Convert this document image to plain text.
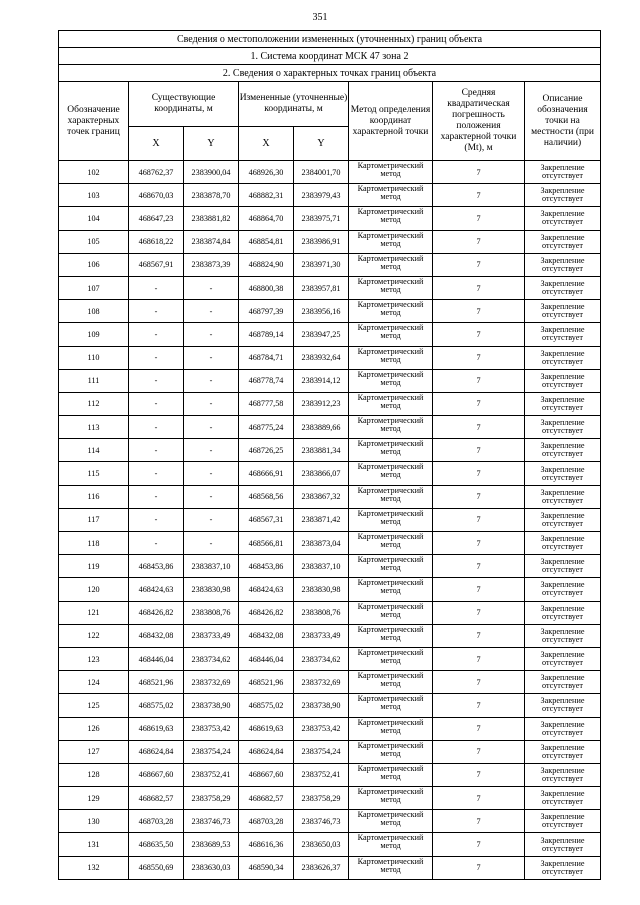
351
Сведения о местоположении измененных (уточненных) границ объекта							
1. Система координат МСК 47 зона 2							
2. Сведения о характерных точках границ объекта							
Обозначение характерных точек границ	Существующие координаты, м		Измененные (уточненные) координаты, м		Метод определения координат характерной точки	Средняя квадратическая погрешность положения характерной точки (Mt), м	Описание обозначения точки на местности (при наличии)
	X	Y	X	Y			
102	468762,37	2383900,04	468926,30	2384001,70	Картометрический метод	7	Закрепление отсутствует
103	468670,03	2383878,70	468882,31	2383979,43	Картометрический метод	7	Закрепление отсутствует
104	468647,23	2383881,82	468864,70	2383975,71	Картометрический метод	7	Закрепление отсутствует
105	468618,22	2383874,84	468854,81	2383986,91	Картометрический метод	7	Закрепление отсутствует
106	468567,91	2383873,39	468824,90	2383971,30	Картометрический метод	7	Закрепление отсутствует
107	-	-	468800,38	2383957,81	Картометрический метод	7	Закрепление отсутствует
108	-	-	468797,39	2383956,16	Картометрический метод	7	Закрепление отсутствует
109	-	-	468789,14	2383947,25	Картометрический метод	7	Закрепление отсутствует
110	-	-	468784,71	2383932,64	Картометрический метод	7	Закрепление отсутствует
111	-	-	468778,74	2383914,12	Картометрический метод	7	Закрепление отсутствует
112	-	-	468777,58	2383912,23	Картометрический метод	7	Закрепление отсутствует
113	-	-	468775,24	2383889,66	Картометрический метод	7	Закрепление отсутствует
114	-	-	468726,25	2383881,34	Картометрический метод	7	Закрепление отсутствует
115	-	-	468666,91	2383866,07	Картометрический метод	7	Закрепление отсутствует
116	-	-	468568,56	2383867,32	Картометрический метод	7	Закрепление отсутствует
117	-	-	468567,31	2383871,42	Картометрический метод	7	Закрепление отсутствует
118	-	-	468566,81	2383873,04	Картометрический метод	7	Закрепление отсутствует
119	468453,86	2383837,10	468453,86	2383837,10	Картометрический метод	7	Закрепление отсутствует
120	468424,63	2383830,98	468424,63	2383830,98	Картометрический метод	7	Закрепление отсутствует
121	468426,82	2383808,76	468426,82	2383808,76	Картометрический метод	7	Закрепление отсутствует
122	468432,08	2383733,49	468432,08	2383733,49	Картометрический метод	7	Закрепление отсутствует
123	468446,04	2383734,62	468446,04	2383734,62	Картометрический метод	7	Закрепление отсутствует
124	468521,96	2383732,69	468521,96	2383732,69	Картометрический метод	7	Закрепление отсутствует
125	468575,02	2383738,90	468575,02	2383738,90	Картометрический метод	7	Закрепление отсутствует
126	468619,63	2383753,42	468619,63	2383753,42	Картометрический метод	7	Закрепление отсутствует
127	468624,84	2383754,24	468624,84	2383754,24	Картометрический метод	7	Закрепление отсутствует
128	468667,60	2383752,41	468667,60	2383752,41	Картометрический метод	7	Закрепление отсутствует
129	468682,57	2383758,29	468682,57	2383758,29	Картометрический метод	7	Закрепление отсутствует
130	468703,28	2383746,73	468703,28	2383746,73	Картометрический метод	7	Закрепление отсутствует
131	468635,50	2383689,53	468616,36	2383650,03	Картометрический метод	7	Закрепление отсутствует
132	468550,69	2383630,03	468590,34	2383626,37	Картометрический метод	7	Закрепление отсутствует
